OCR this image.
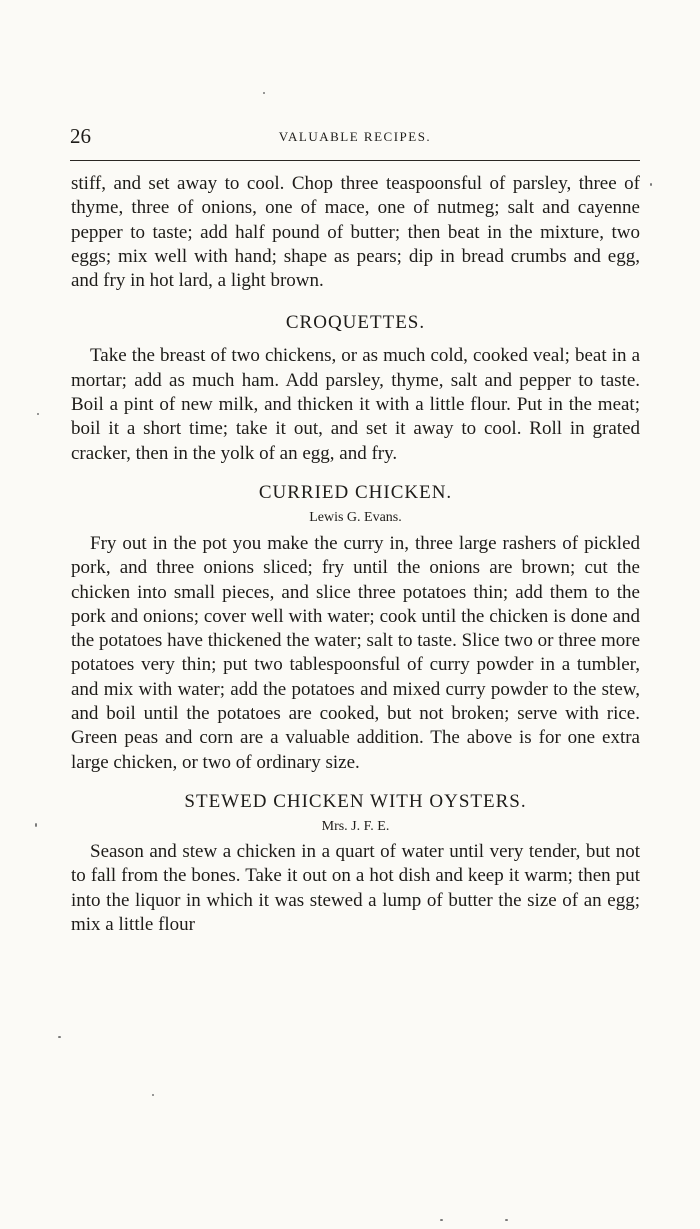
26	VALUABLE RECIPES.

stiff, and set away to cool. Chop three teaspoonsful of parsley, three of thyme, three of onions, one of mace, one of nutmeg; salt and cayenne pepper to taste; add half pound of butter; then beat in the mixture, two eggs; mix well with hand; shape as pears; dip in bread crumbs and egg, and fry in hot lard, a light brown.

CROQUETTES.

Take the breast of two chickens, or as much cold, cooked veal; beat in a mortar; add as much ham. Add parsley, thyme, salt and pepper to taste. Boil a pint of new milk, and thicken it with a little flour. Put in the meat; boil it a short time; take it out, and set it away to cool. Roll in grated cracker, then in the yolk of an egg, and fry.

CURRIED CHICKEN.

Lewis G. Evans.

Fry out in the pot you make the curry in, three large rashers of pickled pork, and three onions sliced; fry until the onions are brown; cut the chicken into small pieces, and slice three potatoes thin; add them to the pork and onions; cover well with water; cook until the chicken is done and the potatoes have thickened the water; salt to taste. Slice two or three more potatoes very thin; put two tablespoonsful of curry powder in a tumbler, and mix with water; add the potatoes and mixed curry powder to the stew, and boil until the potatoes are cooked, but not broken; serve with rice. Green peas and corn are a valuable addition. The above is for one extra large chicken, or two of ordinary size.

STEWED CHICKEN WITH OYSTERS.

Mrs. J. F. E.

Season and stew a chicken in a quart of water until very tender, but not to fall from the bones. Take it out on a hot dish and keep it warm; then put into the liquor in which it was stewed a lump of butter the size of an egg; mix a little flour
